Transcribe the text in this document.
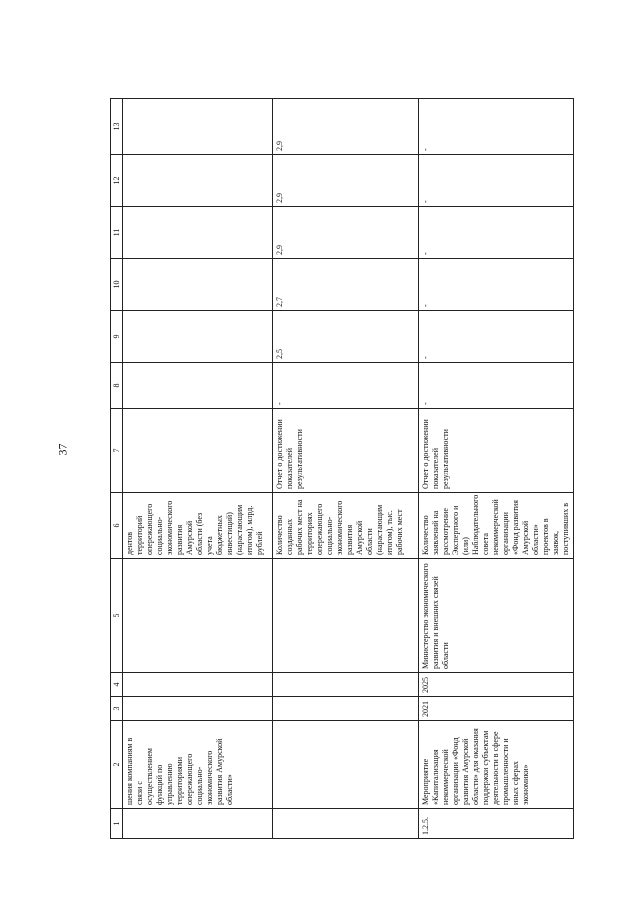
37
1	2	3	4	5	6	7	8	9	10	11	12	13
	шения компаниям в связи с осуществлением функций по управлению территориями опережающего социально-экономического развития Амурской области»				дентов территорий опережающего социально-экономического развития Амурской области (без учета бюджетных инвестиций) (нарастающим итогом), млрд. рублей							
					Количество созданных рабочих мест на территориях опережающего социально-экономического развития Амурской области (нарастающим итогом), тыс. рабочих мест	Отчет о достижении показателей результативности	-	2,5	2,7	2,9	2,9	2,9
1.2.5.	Мероприятие «Капитализация некоммерческой организации «Фонд развития Амурской области» для оказания поддержки субъектам деятельности в сфере промышленности и иных сферах экономики»	2021	2025	Министерство экономического развития и внешних связей области	Количество заявлений на рассмотрение Экспертного и (или) Наблюдательного совета некоммерческой организации «Фонд развития Амурской области» проектов в заявок, поступивших в	Отчет о достижении показателей результативности	-	-	-	-	-	-
